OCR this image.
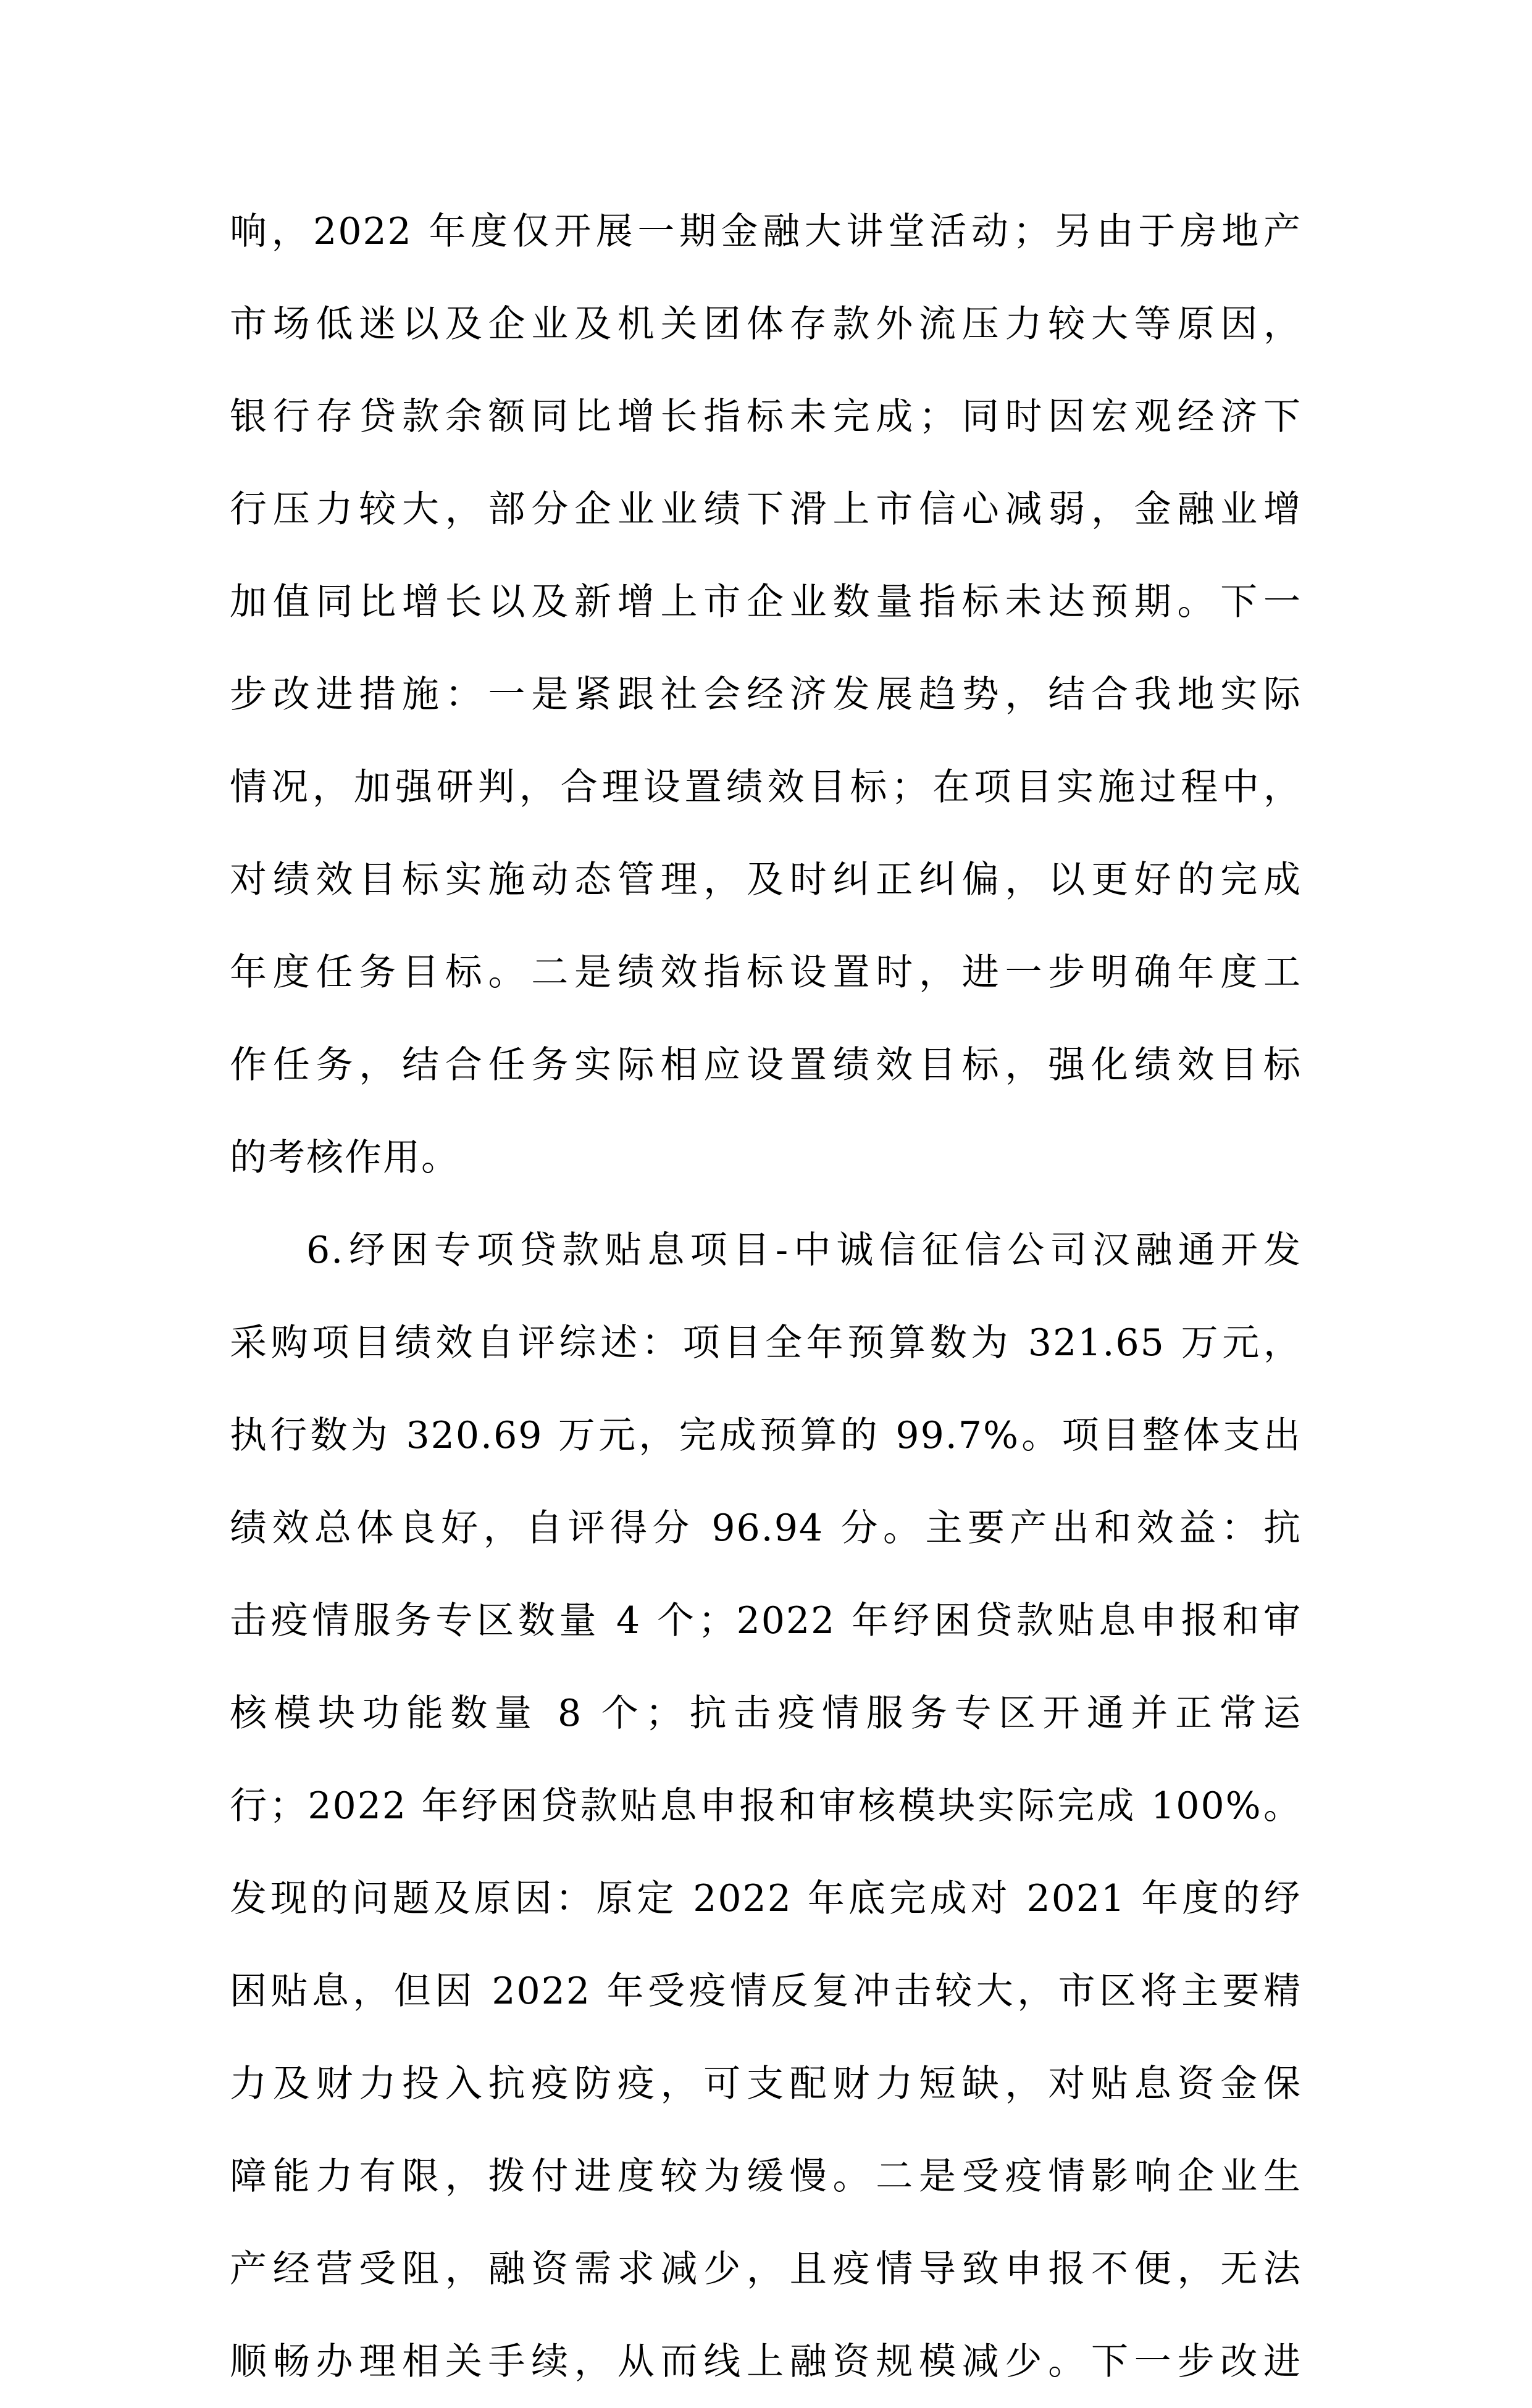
响，2022 年度仅开展一期金融大讲堂活动；另由于房地产
市场低迷以及企业及机关团体存款外流压力较大等原因，
银行存贷款余额同比增长指标未完成；同时因宏观经济下
行压力较大，部分企业业绩下滑上市信心减弱，金融业增
加值同比增长以及新增上市企业数量指标未达预期。下一
步改进措施：一是紧跟社会经济发展趋势，结合我地实际
情况，加强研判，合理设置绩效目标；在项目实施过程中，
对绩效目标实施动态管理，及时纠正纠偏，以更好的完成
年度任务目标。二是绩效指标设置时，进一步明确年度工
作任务，结合任务实际相应设置绩效目标，强化绩效目标
的考核作用。
6.纾困专项贷款贴息项目-中诚信征信公司汉融通开发
采购项目绩效自评综述：项目全年预算数为 321.65 万元，
执行数为 320.69 万元，完成预算的 99.7%。项目整体支出
绩效总体良好，自评得分 96.94 分。主要产出和效益：抗
击疫情服务专区数量 4 个；2022 年纾困贷款贴息申报和审
核模块功能数量 8 个；抗击疫情服务专区开通并正常运
行；2022 年纾困贷款贴息申报和审核模块实际完成 100%。
发现的问题及原因：原定 2022 年底完成对 2021 年度的纾
困贴息，但因 2022 年受疫情反复冲击较大，市区将主要精
力及财力投入抗疫防疫，可支配财力短缺，对贴息资金保
障能力有限，拨付进度较为缓慢。二是受疫情影响企业生
产经营受阻，融资需求减少，且疫情导致申报不便，无法
顺畅办理相关手续，从而线上融资规模减少。下一步改进
